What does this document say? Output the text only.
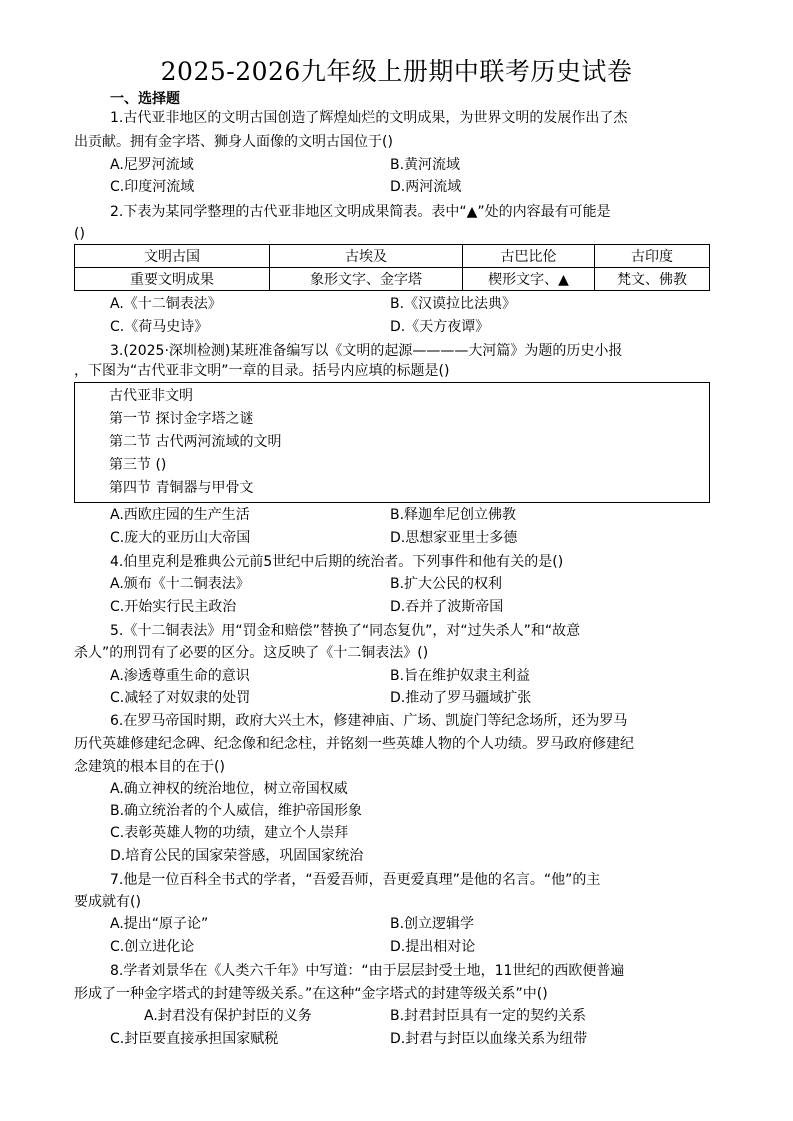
2025-2026九年级上册期中联考历史试卷
一、选择题
1.古代亚非地区的文明古国创造了辉煌灿烂的文明成果，为世界文明的发展作出了杰
出贡献。拥有金字塔、狮身人面像的文明古国位于()
A.尼罗河流域	B.黄河流域
C.印度河流域	D.两河流域
2.下表为某同学整理的古代亚非地区文明成果简表。表中“▲”处的内容最有可能是
()
文明古国	古埃及	古巴比伦	古印度
重要文明成果	象形文字、金字塔	楔形文字、▲	梵文、佛教
A.《十二铜表法》	B.《汉谟拉比法典》
C.《荷马史诗》	D.《天方夜谭》
3.(2025·深圳检测)某班准备编写以《文明的起源————大河篇》为题的历史小报
，下图为“古代亚非文明”一章的目录。括号内应填的标题是()
古代亚非文明
第一节 探讨金字塔之谜
第二节 古代两河流域的文明
第三节 ()
第四节 青铜器与甲骨文
A.西欧庄园的生产生活	B.释迦牟尼创立佛教
C.庞大的亚历山大帝国	D.思想家亚里士多德
4.伯里克利是雅典公元前5世纪中后期的统治者。下列事件和他有关的是()
A.颁布《十二铜表法》	B.扩大公民的权利
C.开始实行民主政治	D.吞并了波斯帝国
5.《十二铜表法》用“罚金和赔偿”替换了“同态复仇”，对“过失杀人”和“故意
杀人”的刑罚有了必要的区分。这反映了《十二铜表法》()
A.渗透尊重生命的意识	B.旨在维护奴隶主利益
C.减轻了对奴隶的处罚	D.推动了罗马疆域扩张
6.在罗马帝国时期，政府大兴土木，修建神庙、广场、凯旋门等纪念场所，还为罗马
历代英雄修建纪念碑、纪念像和纪念柱，并铭刻一些英雄人物的个人功绩。罗马政府修建纪
念建筑的根本目的在于()
A.确立神权的统治地位，树立帝国权威
B.确立统治者的个人威信，维护帝国形象
C.表彰英雄人物的功绩，建立个人崇拜
D.培育公民的国家荣誉感，巩固国家统治
7.他是一位百科全书式的学者，“吾爱吾师，吾更爱真理”是他的名言。“他”的主
要成就有()
A.提出“原子论”	B.创立逻辑学
C.创立进化论	D.提出相对论
8.学者刘景华在《人类六千年》中写道：“由于层层封受土地，11世纪的西欧便普遍
形成了一种金字塔式的封建等级关系。”在这种“金字塔式的封建等级关系”中()
A.封君没有保护封臣的义务	B.封君封臣具有一定的契约关系
C.封臣要直接承担国家赋税	D.封君与封臣以血缘关系为纽带
